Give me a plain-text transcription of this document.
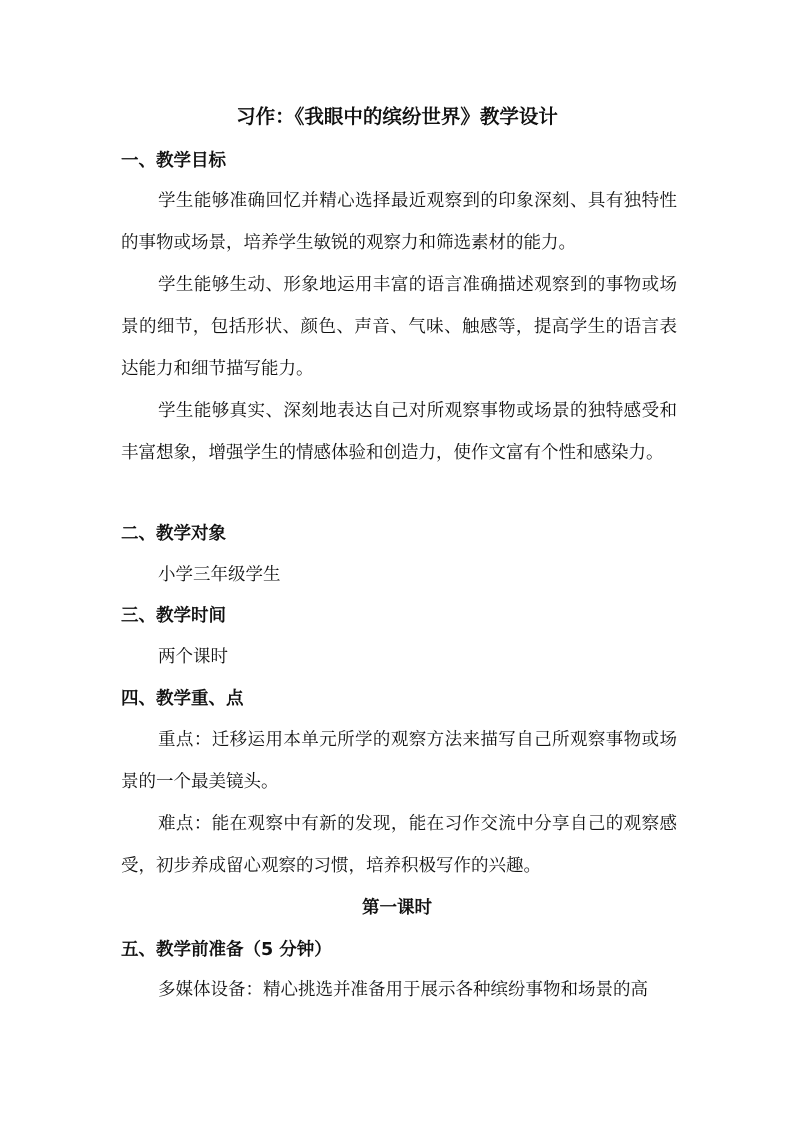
习作：《我眼中的缤纷世界》教学设计
一、教学目标

学生能够准确回忆并精心选择最近观察到的印象深刻、具有独特性的事物或场景，培养学生敏锐的观察力和筛选素材的能力。

学生能够生动、形象地运用丰富的语言准确描述观察到的事物或场景的细节，包括形状、颜色、声音、气味、触感等，提高学生的语言表达能力和细节描写能力。

学生能够真实、深刻地表达自己对所观察事物或场景的独特感受和丰富想象，增强学生的情感体验和创造力，使作文富有个性和感染力。

二、教学对象

小学三年级学生

三、教学时间

两个课时

四、教学重、点

重点：迁移运用本单元所学的观察方法来描写自己所观察事物或场景的一个最美镜头。

难点：能在观察中有新的发现，能在习作交流中分享自己的观察感受，初步养成留心观察的习惯，培养积极写作的兴趣。

第一课时
五、教学前准备（5 分钟）

多媒体设备：精心挑选并准备用于展示各种缤纷事物和场景的高
